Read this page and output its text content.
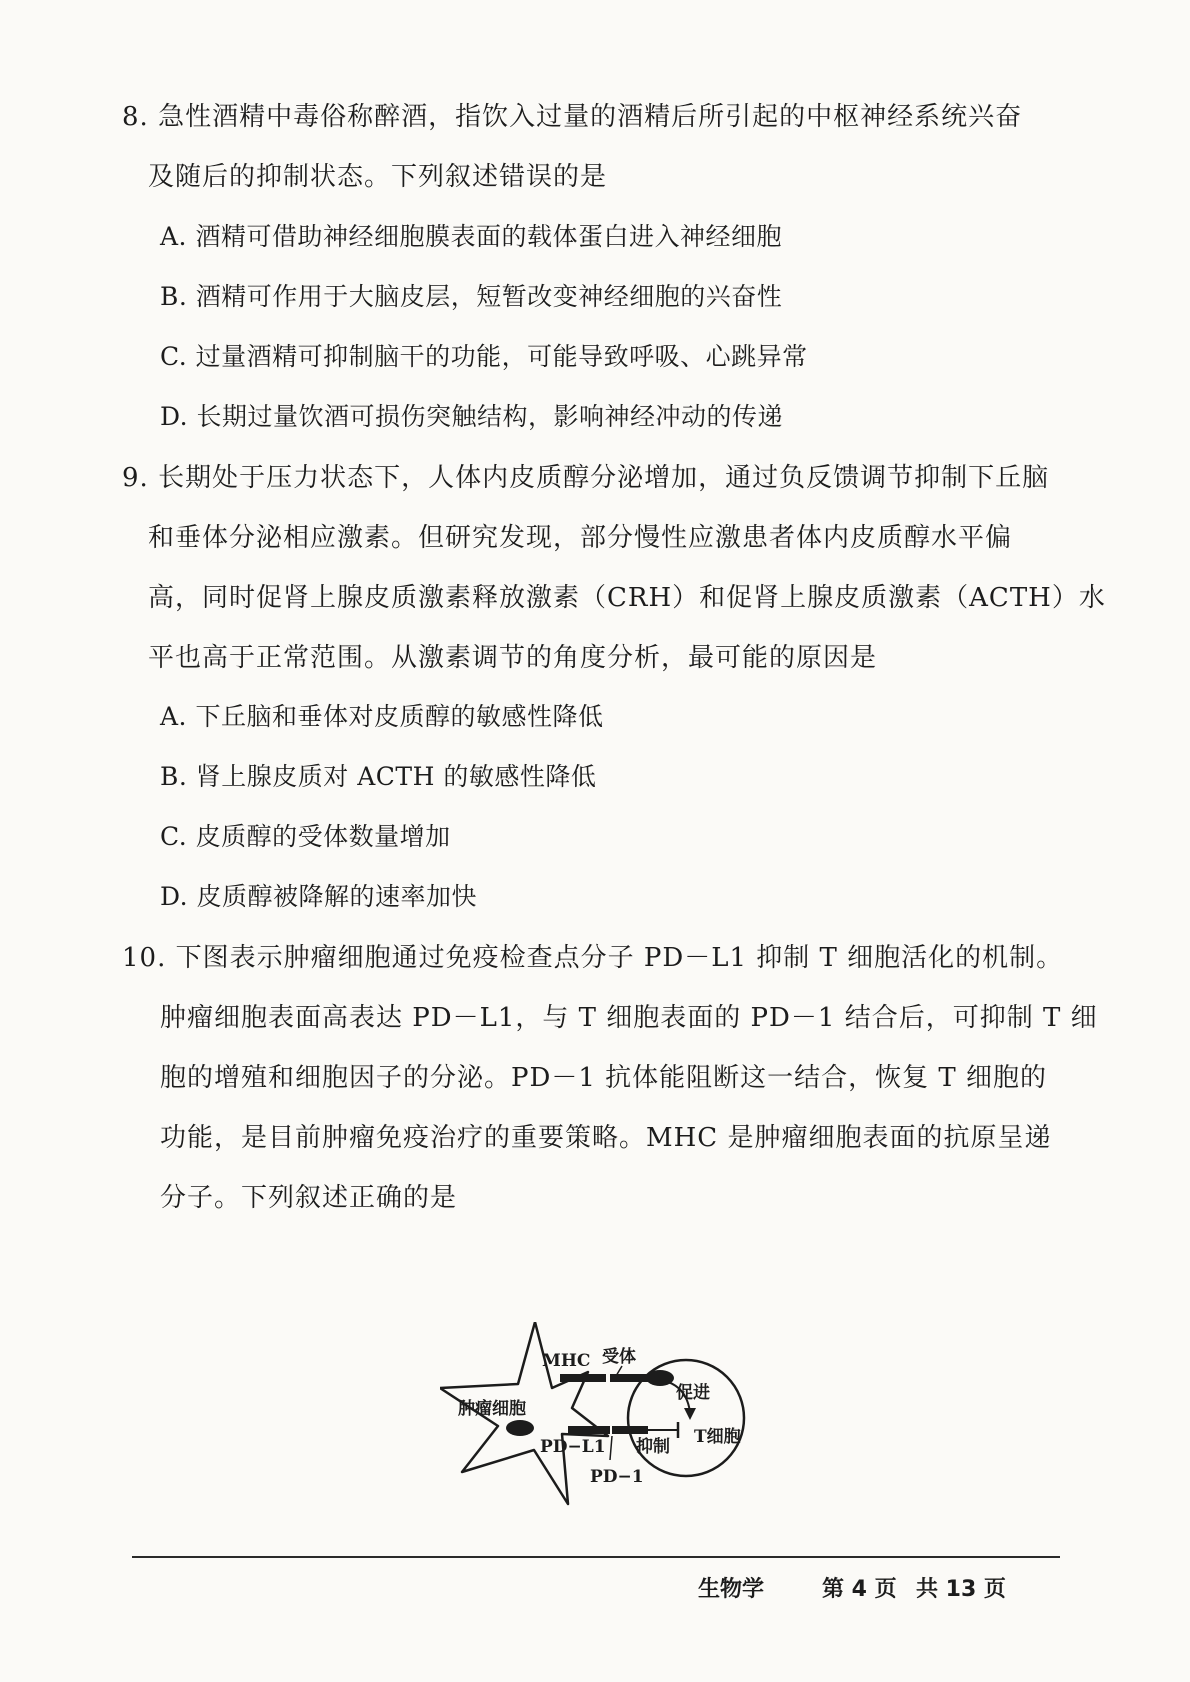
8. 急性酒精中毒俗称醉酒，指饮入过量的酒精后所引起的中枢神经系统兴奋

及随后的抑制状态。下列叙述错误的是

A. 酒精可借助神经细胞膜表面的载体蛋白进入神经细胞

B. 酒精可作用于大脑皮层，短暂改变神经细胞的兴奋性

C. 过量酒精可抑制脑干的功能，可能导致呼吸、心跳异常

D. 长期过量饮酒可损伤突触结构，影响神经冲动的传递

9. 长期处于压力状态下，人体内皮质醇分泌增加，通过负反馈调节抑制下丘脑

和垂体分泌相应激素。但研究发现，部分慢性应激患者体内皮质醇水平偏

高，同时促肾上腺皮质激素释放激素（CRH）和促肾上腺皮质激素（ACTH）水

平也高于正常范围。从激素调节的角度分析，最可能的原因是

A. 下丘脑和垂体对皮质醇的敏感性降低

B. 肾上腺皮质对 ACTH 的敏感性降低

C. 皮质醇的受体数量增加

D. 皮质醇被降解的速率加快

10. 下图表示肿瘤细胞通过免疫检查点分子 PD－L1 抑制 T 细胞活化的机制。

肿瘤细胞表面高表达 PD－L1，与 T 细胞表面的 PD－1 结合后，可抑制 T 细

胞的增殖和细胞因子的分泌。PD－1 抗体能阻断这一结合，恢复 T 细胞的

功能，是目前肿瘤免疫治疗的重要策略。MHC 是肿瘤细胞表面的抗原呈递

分子。下列叙述正确的是

肿瘤细胞
T细胞
MHC 受体
促进
PD−L1
PD−1
抑制
生物学	第 4 页 共 13 页
